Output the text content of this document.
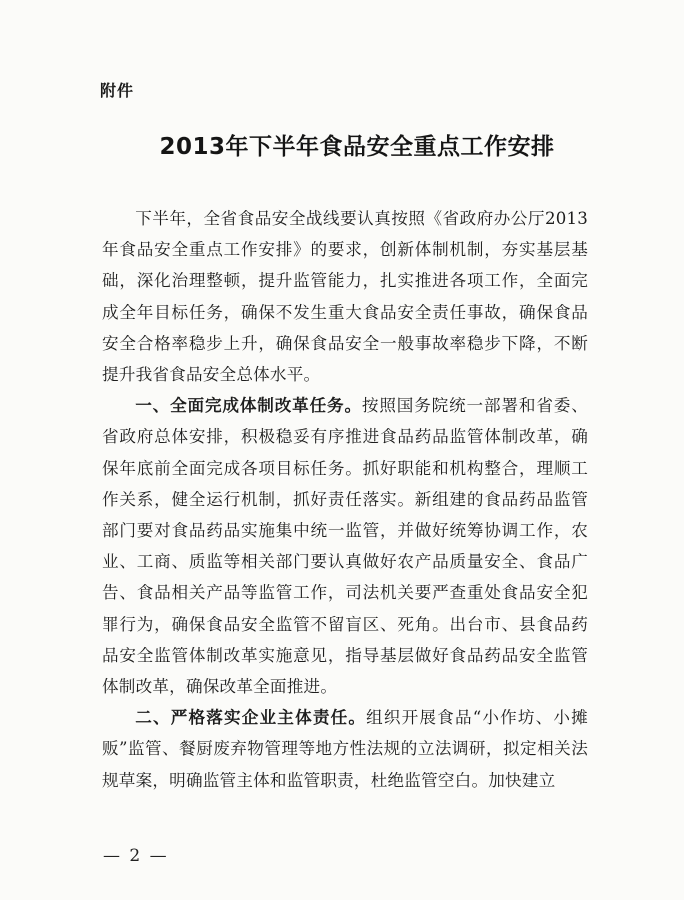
附件
2013年下半年食品安全重点工作安排

下半年，全省食品安全战线要认真按照《省政府办公厅2013年食品安全重点工作安排》的要求，创新体制机制，夯实基层基础，深化治理整顿，提升监管能力，扎实推进各项工作，全面完成全年目标任务，确保不发生重大食品安全责任事故，确保食品安全合格率稳步上升，确保食品安全一般事故率稳步下降，不断提升我省食品安全总体水平。

一、全面完成体制改革任务。按照国务院统一部署和省委、省政府总体安排，积极稳妥有序推进食品药品监管体制改革，确保年底前全面完成各项目标任务。抓好职能和机构整合，理顺工作关系，健全运行机制，抓好责任落实。新组建的食品药品监管部门要对食品药品实施集中统一监管，并做好统筹协调工作，农业、工商、质监等相关部门要认真做好农产品质量安全、食品广告、食品相关产品等监管工作，司法机关要严查重处食品安全犯罪行为，确保食品安全监管不留盲区、死角。出台市、县食品药品安全监管体制改革实施意见，指导基层做好食品药品安全监管体制改革，确保改革全面推进。

二、严格落实企业主体责任。组织开展食品“小作坊、小摊贩”监管、餐厨废弃物管理等地方性法规的立法调研，拟定相关法规草案，明确监管主体和监管职责，杜绝监管空白。加快建立

— 2 —
